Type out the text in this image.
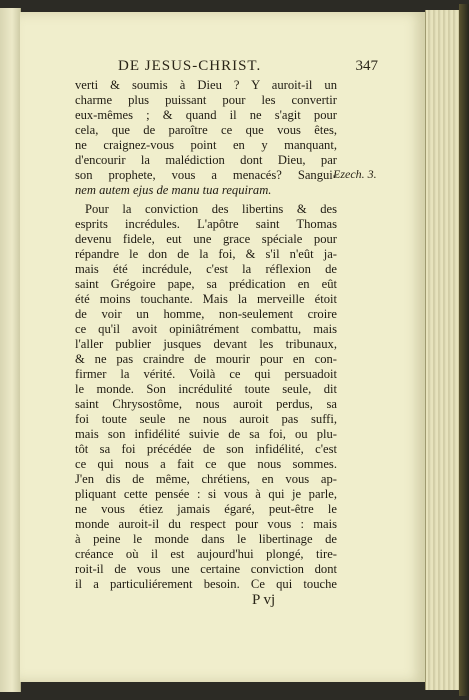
DE JESUS-CHRIST.	347
verti & soumis à Dieu ? Y auroit-il un
charme plus puissant pour les convertir
eux-mêmes ; & quand il ne s'agit pour
cela, que de paroître ce que vous êtes,
ne craignez-vous point en y manquant,
d'encourir la malédiction dont Dieu, par
son prophete, vous a menacés? Sangui-
nem autem ejus de manu tua requiram.
Pour la conviction des libertins & des
esprits incrédules. L'apôtre saint Thomas
devenu fidele, eut une grace spéciale pour
répandre le don de la foi, & s'il n'eût ja-
mais été incrédule, c'est la réflexion de
saint Grégoire pape, sa prédication en eût
été moins touchante. Mais la merveille étoit
de voir un homme, non-seulement croire
ce qu'il avoit opiniâtrément combattu, mais
l'aller publier jusques devant les tribunaux,
& ne pas craindre de mourir pour en con-
firmer la vérité. Voilà ce qui persuadoit
le monde. Son incrédulité toute seule, dit
saint Chrysostôme, nous auroit perdus, sa
foi toute seule ne nous auroit pas suffi,
mais son infidélité suivie de sa foi, ou plu-
tôt sa foi précédée de son infidélité, c'est
ce qui nous a fait ce que nous sommes.
J'en dis de même, chrétiens, en vous ap-
pliquant cette pensée : si vous à qui je parle,
ne vous étiez jamais égaré, peut-être le
monde auroit-il du respect pour vous : mais
Ezech. 3.
à peine le monde dans le libertinage de
créance où il est aujourd'hui plongé, tire-
roit-il de vous une certaine conviction dont
il a particuliérement besoin. Ce qui touche
P vj
